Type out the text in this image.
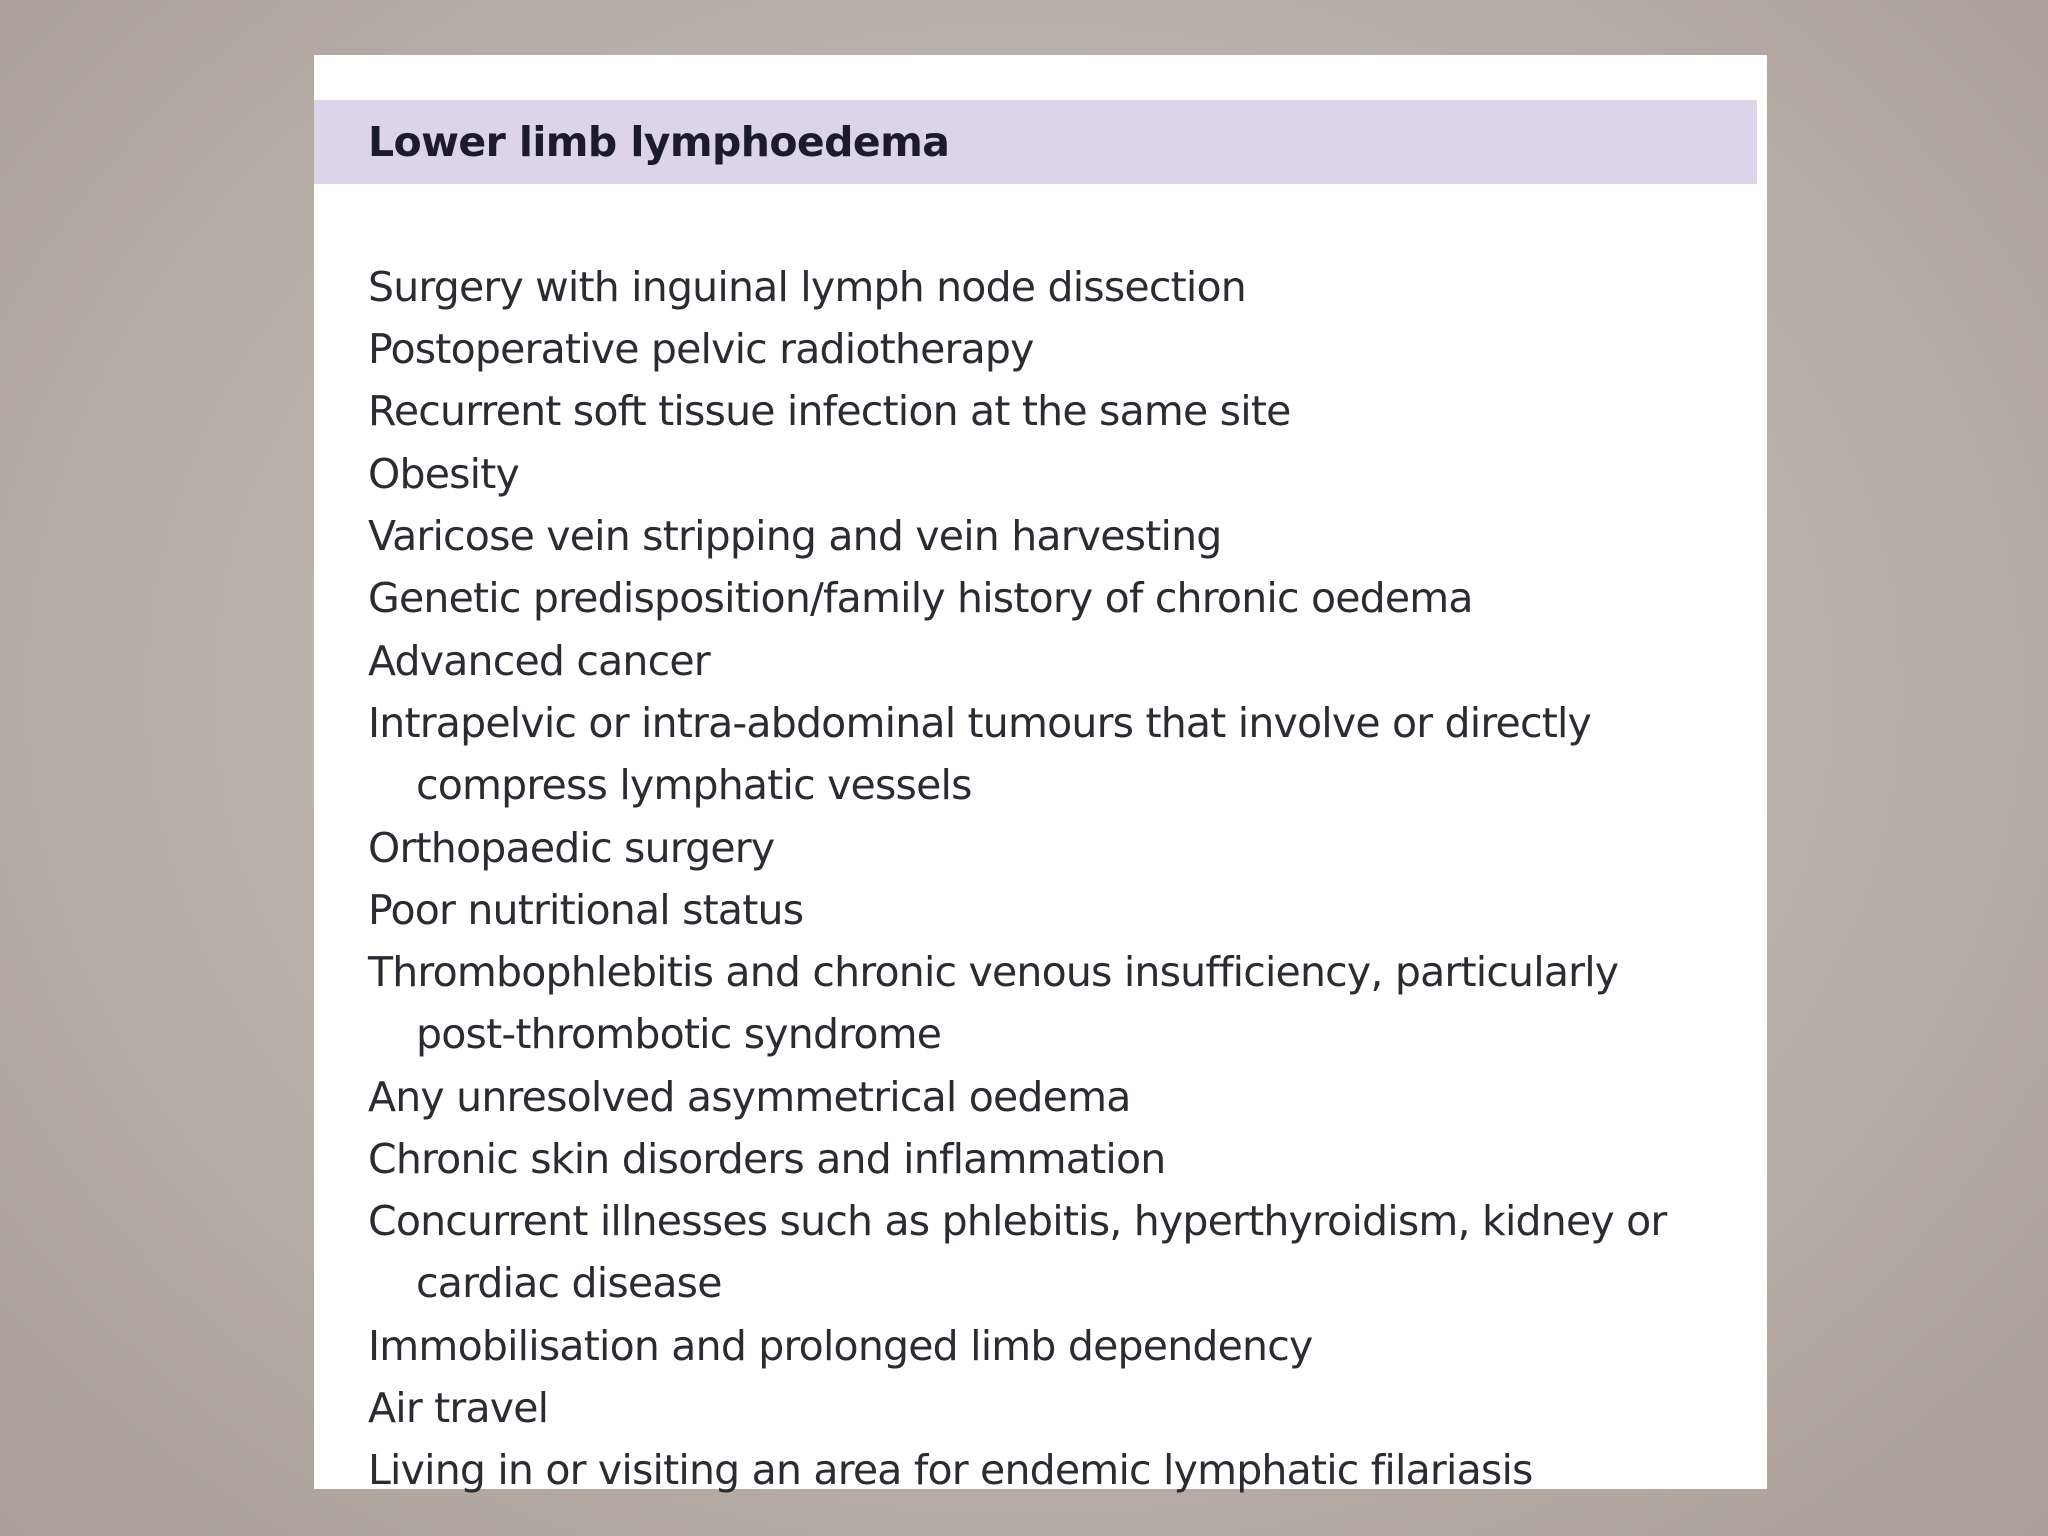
Lower limb lymphoedema
Surgery with inguinal lymph node dissection
Postoperative pelvic radiotherapy
Recurrent soft tissue infection at the same site
Obesity
Varicose vein stripping and vein harvesting
Genetic predisposition/family history of chronic oedema
Advanced cancer
Intrapelvic or intra-abdominal tumours that involve or directly
compress lymphatic vessels
Orthopaedic surgery
Poor nutritional status
Thrombophlebitis and chronic venous insufficiency, particularly
post-thrombotic syndrome
Any unresolved asymmetrical oedema
Chronic skin disorders and inflammation
Concurrent illnesses such as phlebitis, hyperthyroidism, kidney or
cardiac disease
Immobilisation and prolonged limb dependency
Air travel
Living in or visiting an area for endemic lymphatic filariasis
